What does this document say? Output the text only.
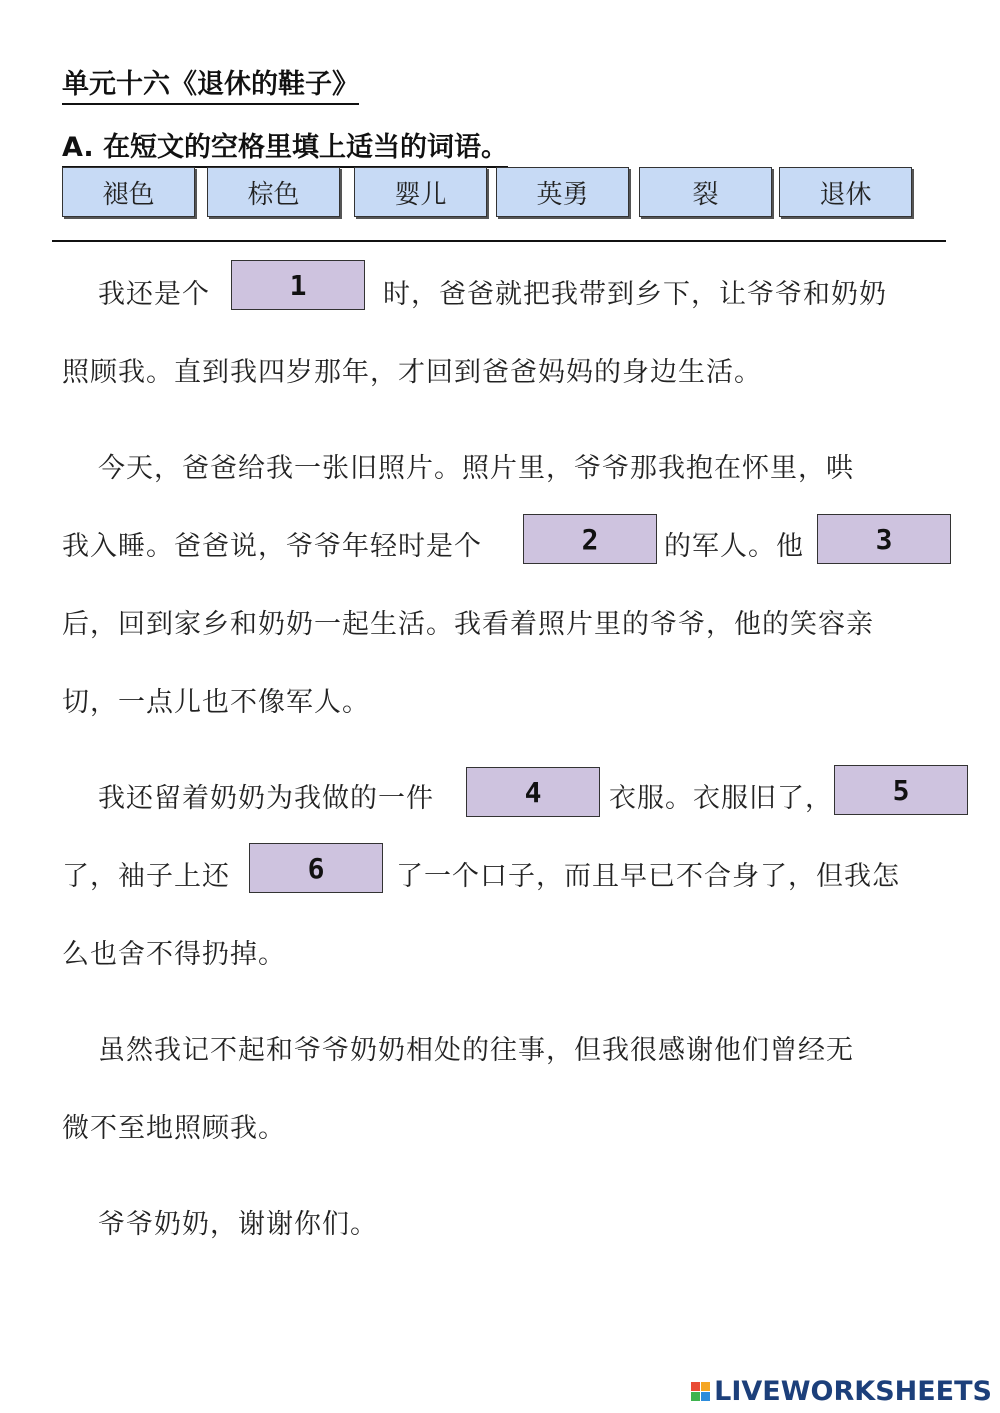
单元十六《退休的鞋子》
A. 在短文的空格里填上适当的词语。
褪色	棕色	婴儿	英勇	裂	退休
我还是个	1	时，爸爸就把我带到乡下，让爷爷和奶奶
照顾我。直到我四岁那年，才回到爸爸妈妈的身边生活。
今天，爸爸给我一张旧照片。照片里，爷爷那我抱在怀里，哄
我入睡。爸爸说，爷爷年轻时是个	2	的军人。他	3
后，回到家乡和奶奶一起生活。我看着照片里的爷爷，他的笑容亲
切，一点儿也不像军人。
我还留着奶奶为我做的一件	4	衣服。衣服旧了，	5
了，袖子上还	6	了一个口子，而且早已不合身了，但我怎
么也舍不得扔掉。
虽然我记不起和爷爷奶奶相处的往事，但我很感谢他们曾经无
微不至地照顾我。
爷爷奶奶，谢谢你们。
LIVEWORKSHEETS
